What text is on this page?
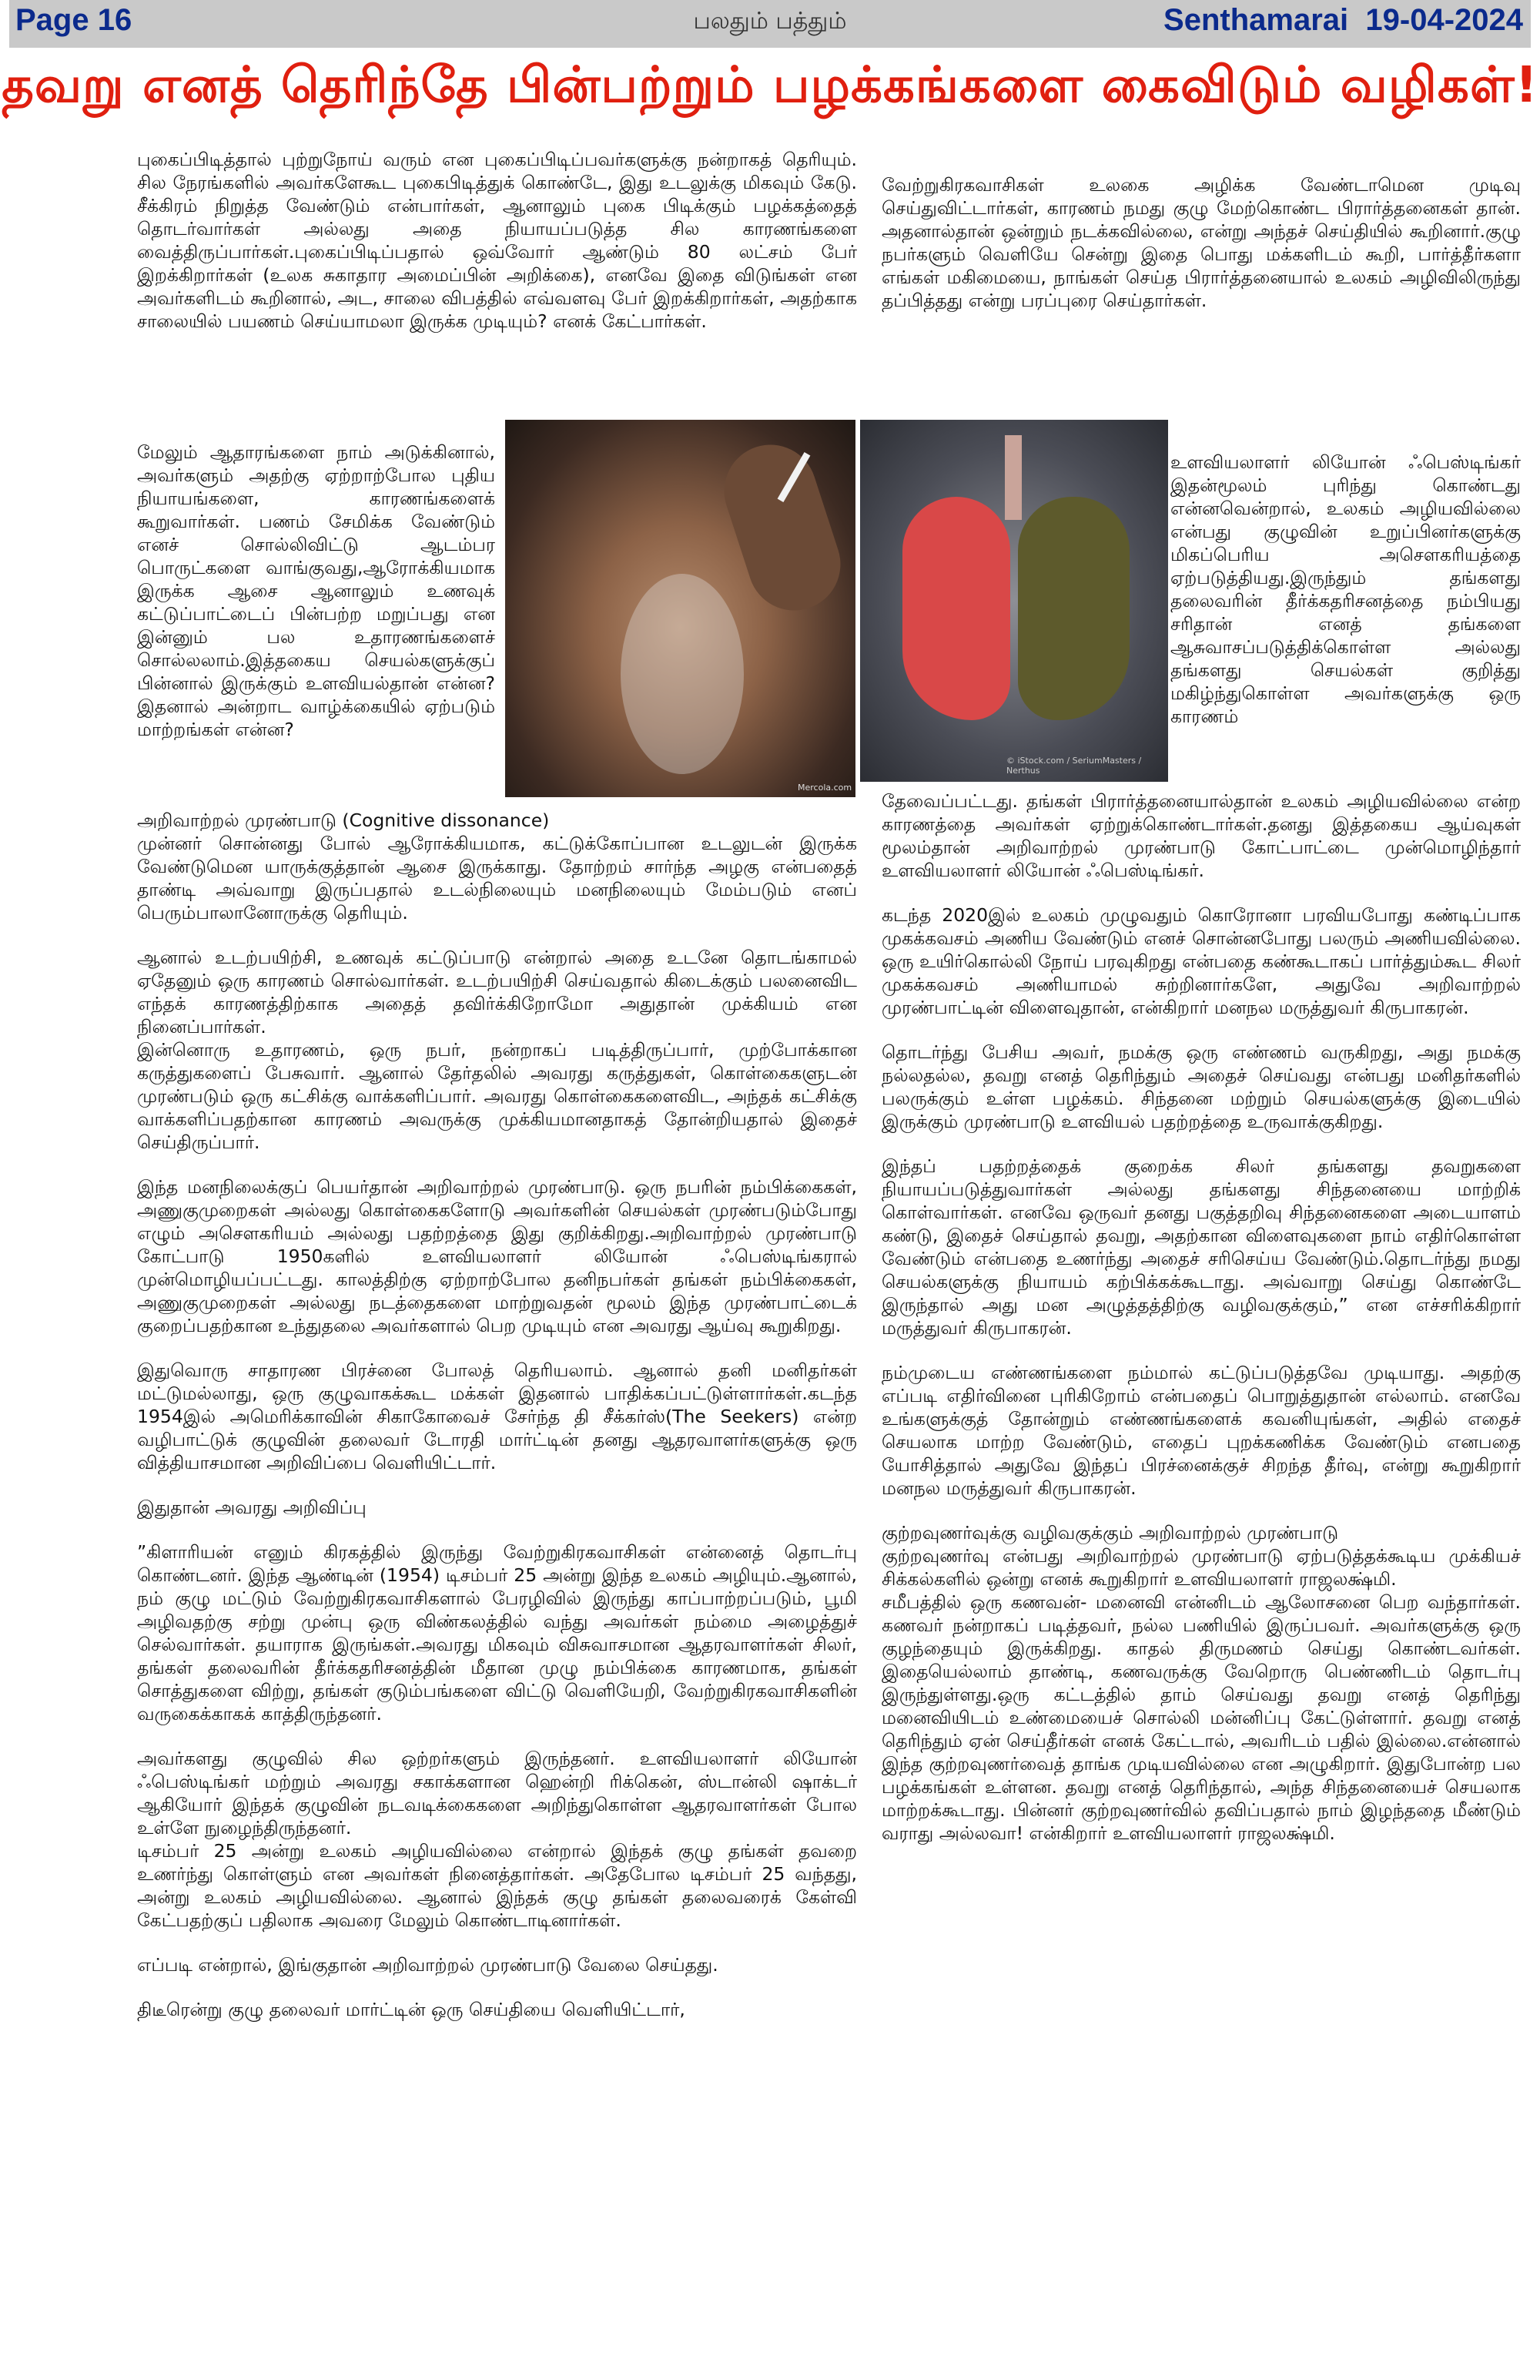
Page 16	பலதும் பத்தும்	Senthamarai 19-04-2024
தவறு எனத் தெரிந்தே பின்பற்றும் பழக்கங்களை கைவிடும் வழிகள்!

புகைப்பிடித்தால் புற்றுநோய் வரும் என புகைப்பிடிப்பவர்களுக்கு நன்றாகத் தெரியும். சில நேரங்களில் அவர்களேகூட புகைபிடித்துக் கொண்டே, இது உடலுக்கு மிகவும் கேடு. சீக்கிரம் நிறுத்த வேண்டும் என்பார்கள், ஆனாலும் புகை பிடிக்கும் பழக்கத்தைத் தொடர்வார்கள் அல்லது அதை நியாயப்படுத்த சில காரணங்களை வைத்திருப்பார்கள்.புகைப்பிடிப்பதால் ஒவ்வோர் ஆண்டும் 80 லட்சம் பேர் இறக்கிறார்கள் (உலக சுகாதார அமைப்பின் அறிக்கை), எனவே இதை விடுங்கள் என அவர்களிடம் கூறினால், அட, சாலை விபத்தில் எவ்வளவு பேர் இறக்கிறார்கள், அதற்காக சாலையில் பயணம் செய்யாமலா இருக்க முடியும்? எனக் கேட்பார்கள்.

மேலும் ஆதாரங்களை நாம் அடுக்கினால், அவர்களும் அதற்கு ஏற்றாற்போல புதிய நியாயங்களை, காரணங்களைக் கூறுவார்கள். பணம் சேமிக்க வேண்டும் எனச் சொல்லிவிட்டு ஆடம்பர பொருட்களை வாங்குவது,ஆரோக்கியமாக இருக்க ஆசை ஆனாலும் உணவுக் கட்டுப்பாட்டைப் பின்பற்ற மறுப்பது என இன்னும் பல உதாரணங்களைச் சொல்லலாம்.இத்தகைய செயல்களுக்குப் பின்னால் இருக்கும் உளவியல்தான் என்ன? இதனால் அன்றாட வாழ்க்கையில் ஏற்படும் மாற்றங்கள் என்ன?

Mercola.com
© iStock.com / SeriumMasters / Nerthus

அறிவாற்றல் முரண்பாடு (Cognitive dissonance)

முன்னர் சொன்னது போல் ஆரோக்கியமாக, கட்டுக்கோப்பான உடலுடன் இருக்க வேண்டுமென யாருக்குத்தான் ஆசை இருக்காது. தோற்றம் சார்ந்த அழகு என்பதைத் தாண்டி அவ்வாறு இருப்பதால் உடல்நிலையும் மனநிலையும் மேம்படும் எனப் பெரும்பாலானோருக்கு தெரியும்.

ஆனால் உடற்பயிற்சி, உணவுக் கட்டுப்பாடு என்றால் அதை உடனே தொடங்காமல் ஏதேனும் ஒரு காரணம் சொல்வார்கள். உடற்பயிற்சி செய்வதால் கிடைக்கும் பலனைவிட எந்தக் காரணத்திற்காக அதைத் தவிர்க்கிறோமோ அதுதான் முக்கியம் என நினைப்பார்கள்.

இன்னொரு உதாரணம், ஒரு நபர், நன்றாகப் படித்திருப்பார், முற்போக்கான கருத்துகளைப் பேசுவார். ஆனால் தேர்தலில் அவரது கருத்துகள், கொள்கைகளுடன் முரண்படும் ஒரு கட்சிக்கு வாக்களிப்பார். அவரது கொள்கைகளைவிட, அந்தக் கட்சிக்கு வாக்களிப்பதற்கான காரணம் அவருக்கு முக்கியமானதாகத் தோன்றியதால் இதைச் செய்திருப்பார்.

இந்த மனநிலைக்குப் பெயர்தான் அறிவாற்றல் முரண்பாடு. ஒரு நபரின் நம்பிக்கைகள், அணுகுமுறைகள் அல்லது கொள்கைகளோடு அவர்களின் செயல்கள் முரண்படும்போது எழும் அசௌகரியம் அல்லது பதற்றத்தை இது குறிக்கிறது.அறிவாற்றல் முரண்பாடு கோட்பாடு 1950களில் உளவியலாளர் லியோன் ஃபெஸ்டிங்கரால் முன்மொழியப்பட்டது. காலத்திற்கு ஏற்றாற்போல தனிநபர்கள் தங்கள் நம்பிக்கைகள், அணுகுமுறைகள் அல்லது நடத்தைகளை மாற்றுவதன் மூலம் இந்த முரண்பாட்டைக் குறைப்பதற்கான உந்துதலை அவர்களால் பெற முடியும் என அவரது ஆய்வு கூறுகிறது.

இதுவொரு சாதாரண பிரச்னை போலத் தெரியலாம். ஆனால் தனி மனிதர்கள் மட்டுமல்லாது, ஒரு குழுவாகக்கூட மக்கள் இதனால் பாதிக்கப்பட்டுள்ளார்கள்.கடந்த 1954இல் அமெரிக்காவின் சிகாகோவைச் சேர்ந்த தி சீக்கர்ஸ்(The Seekers) என்ற வழிபாட்டுக் குழுவின் தலைவர் டோரதி மார்ட்டின் தனது ஆதரவாளர்களுக்கு ஒரு வித்தியாசமான அறிவிப்பை வெளியிட்டார்.

இதுதான் அவரது அறிவிப்பு

”கிளாரியன் எனும் கிரகத்தில் இருந்து வேற்றுகிரகவாசிகள் என்னைத் தொடர்பு கொண்டனர். இந்த ஆண்டின் (1954) டிசம்பர் 25 அன்று இந்த உலகம் அழியும்.ஆனால், நம் குழு மட்டும் வேற்றுகிரகவாசிகளால் பேரழிவில் இருந்து காப்பாற்றப்படும், பூமி அழிவதற்கு சற்று முன்பு ஒரு விண்கலத்தில் வந்து அவர்கள் நம்மை அழைத்துச் செல்வார்கள். தயாராக இருங்கள்.அவரது மிகவும் விசுவாசமான ஆதரவாளர்கள் சிலர், தங்கள் தலைவரின் தீர்க்கதரிசனத்தின் மீதான முழு நம்பிக்கை காரணமாக, தங்கள் சொத்துகளை விற்று, தங்கள் குடும்பங்களை விட்டு வெளியேறி, வேற்றுகிரகவாசிகளின் வருகைக்காகக் காத்திருந்தனர்.

அவர்களது குழுவில் சில ஒற்றர்களும் இருந்தனர். உளவியலாளர் லியோன் ஃபெஸ்டிங்கர் மற்றும் அவரது சகாக்களான ஹென்றி ரிக்கென், ஸ்டான்லி ஷாக்டர் ஆகியோர் இந்தக் குழுவின் நடவடிக்கைகளை அறிந்துகொள்ள ஆதரவாளர்கள் போல உள்ளே நுழைந்திருந்தனர்.

டிசம்பர் 25 அன்று உலகம் அழியவில்லை என்றால் இந்தக் குழு தங்கள் தவறை உணர்ந்து கொள்ளும் என அவர்கள் நினைத்தார்கள். அதேபோல டிசம்பர் 25 வந்தது, அன்று உலகம் அழியவில்லை. ஆனால் இந்தக் குழு தங்கள் தலைவரைக் கேள்வி கேட்பதற்குப் பதிலாக அவரை மேலும் கொண்டாடினார்கள்.

எப்படி என்றால், இங்குதான் அறிவாற்றல் முரண்பாடு வேலை செய்தது.

திடீரென்று குழு தலைவர் மார்ட்டின் ஒரு செய்தியை வெளியிட்டார்,

வேற்றுகிரகவாசிகள் உலகை அழிக்க வேண்டாமென முடிவு செய்துவிட்டார்கள், காரணம் நமது குழு மேற்கொண்ட பிரார்த்தனைகள் தான். அதனால்தான் ஒன்றும் நடக்கவில்லை, என்று அந்தச் செய்தியில் கூறினார்.குழு நபர்களும் வெளியே சென்று இதை பொது மக்களிடம் கூறி, பார்த்தீர்களா எங்கள் மகிமையை, நாங்கள் செய்த பிரார்த்தனையால் உலகம் அழிவிலிருந்து தப்பித்தது என்று பரப்புரை செய்தார்கள்.

உளவியலாளர் லியோன் ஃபெஸ்டிங்கர் இதன்மூலம் புரிந்து கொண்டது என்னவென்றால், உலகம் அழியவில்லை என்பது குழுவின் உறுப்பினர்களுக்கு மிகப்பெரிய அசௌகரியத்தை ஏற்படுத்தியது.இருந்தும் தங்களது தலைவரின் தீர்க்கதரிசனத்தை நம்பியது சரிதான் எனத் தங்களை ஆசுவாசப்படுத்திக்கொள்ள அல்லது தங்களது செயல்கள் குறித்து மகிழ்ந்துகொள்ள அவர்களுக்கு ஒரு காரணம்

தேவைப்பட்டது. தங்கள் பிரார்த்தனையால்தான் உலகம் அழியவில்லை என்ற காரணத்தை அவர்கள் ஏற்றுக்கொண்டார்கள்.தனது இத்தகைய ஆய்வுகள் மூலம்தான் அறிவாற்றல் முரண்பாடு கோட்பாட்டை முன்மொழிந்தார் உளவியலாளர் லியோன் ஃபெஸ்டிங்கர்.

கடந்த 2020இல் உலகம் முழுவதும் கொரோனா பரவியபோது கண்டிப்பாக முகக்கவசம் அணிய வேண்டும் எனச் சொன்னபோது பலரும் அணியவில்லை. ஒரு உயிர்கொல்லி நோய் பரவுகிறது என்பதை கண்கூடாகப் பார்த்தும்கூட சிலர் முகக்கவசம் அணியாமல் சுற்றினார்களே, அதுவே அறிவாற்றல் முரண்பாட்டின் விளைவுதான், என்கிறார் மனநல மருத்துவர் கிருபாகரன்.

தொடர்ந்து பேசிய அவர், நமக்கு ஒரு எண்ணம் வருகிறது, அது நமக்கு நல்லதல்ல, தவறு எனத் தெரிந்தும் அதைச் செய்வது என்பது மனிதர்களில் பலருக்கும் உள்ள பழக்கம். சிந்தனை மற்றும் செயல்களுக்கு இடையில் இருக்கும் முரண்பாடு உளவியல் பதற்றத்தை உருவாக்குகிறது.

இந்தப் பதற்றத்தைக் குறைக்க சிலர் தங்களது தவறுகளை நியாயப்படுத்துவார்கள் அல்லது தங்களது சிந்தனையை மாற்றிக் கொள்வார்கள். எனவே ஒருவர் தனது பகுத்தறிவு சிந்தனைகளை அடையாளம் கண்டு, இதைச் செய்தால் தவறு, அதற்கான விளைவுகளை நாம் எதிர்கொள்ள வேண்டும் என்பதை உணர்ந்து அதைச் சரிசெய்ய வேண்டும்.தொடர்ந்து நமது செயல்களுக்கு நியாயம் கற்பிக்கக்கூடாது. அவ்வாறு செய்து கொண்டே இருந்தால் அது மன அழுத்தத்திற்கு வழிவகுக்கும்,” என எச்சரிக்கிறார் மருத்துவர் கிருபாகரன்.

நம்முடைய எண்ணங்களை நம்மால் கட்டுப்படுத்தவே முடியாது. அதற்கு எப்படி எதிர்வினை புரிகிறோம் என்பதைப் பொறுத்துதான் எல்லாம். எனவே உங்களுக்குத் தோன்றும் எண்ணங்களைக் கவனியுங்கள், அதில் எதைச் செயலாக மாற்ற வேண்டும், எதைப் புறக்கணிக்க வேண்டும் எனபதை யோசித்தால் அதுவே இந்தப் பிரச்னைக்குச் சிறந்த தீர்வு, என்று கூறுகிறார் மனநல மருத்துவர் கிருபாகரன்.

குற்றவுணர்வுக்கு வழிவகுக்கும் அறிவாற்றல் முரண்பாடு

குற்றவுணர்வு என்பது அறிவாற்றல் முரண்பாடு ஏற்படுத்தக்கூடிய முக்கியச் சிக்கல்களில் ஒன்று எனக் கூறுகிறார் உளவியலாளர் ராஜலக்ஷ்மி.

சமீபத்தில் ஒரு கணவன்- மனைவி என்னிடம் ஆலோசனை பெற வந்தார்கள். கணவர் நன்றாகப் படித்தவர், நல்ல பணியில் இருப்பவர். அவர்களுக்கு ஒரு குழந்தையும் இருக்கிறது. காதல் திருமணம் செய்து கொண்டவர்கள். இதையெல்லாம் தாண்டி, கணவருக்கு வேறொரு பெண்ணிடம் தொடர்பு இருந்துள்ளது.ஒரு கட்டத்தில் தாம் செய்வது தவறு எனத் தெரிந்து மனைவியிடம் உண்மையைச் சொல்லி மன்னிப்பு கேட்டுள்ளார். தவறு எனத் தெரிந்தும் ஏன் செய்தீர்கள் எனக் கேட்டால், அவரிடம் பதில் இல்லை.என்னால் இந்த குற்றவுணர்வைத் தாங்க முடியவில்லை என அழுகிறார். இதுபோன்ற பல பழக்கங்கள் உள்ளன. தவறு எனத் தெரிந்தால், அந்த சிந்தனையைச் செயலாக மாற்றக்கூடாது. பின்னர் குற்றவுணர்வில் தவிப்பதால் நாம் இழந்ததை மீண்டும் வராது அல்லவா! என்கிறார் உளவியலாளர் ராஜலக்ஷ்மி.
